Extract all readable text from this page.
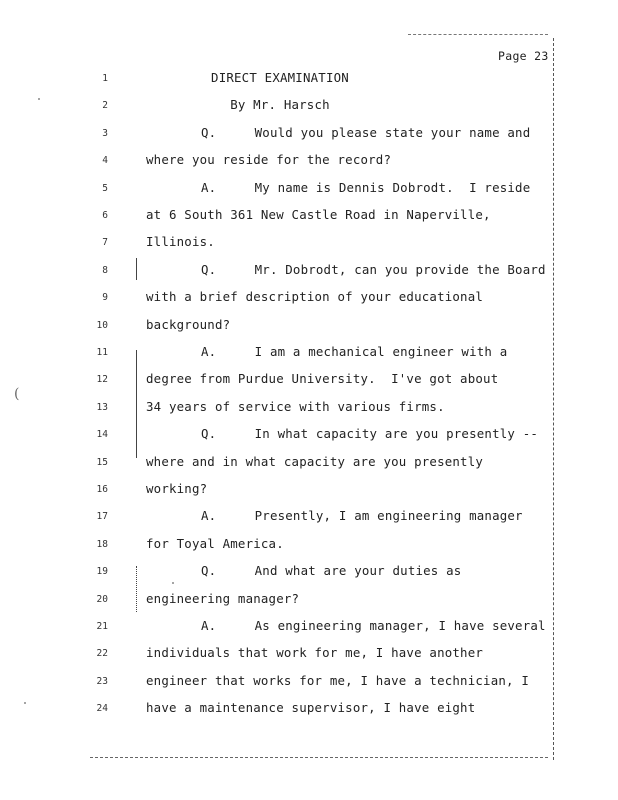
(
Page 23
1	DIRECT EXAMINATION
2	By Mr. Harsch
3	Q.     Would you please state your name and
4	where you reside for the record?
5	A.     My name is Dennis Dobrodt.  I reside
6	at 6 South 361 New Castle Road in Naperville,
7	Illinois.
8	Q.     Mr. Dobrodt, can you provide the Board
9	with a brief description of your educational
10	background?
11	A.     I am a mechanical engineer with a
12	degree from Purdue University.  I've got about
13	34 years of service with various firms.
14	Q.     In what capacity are you presently --
15	where and in what capacity are you presently
16	working?
17	A.     Presently, I am engineering manager
18	for Toyal America.
19	Q.     And what are your duties as
20	engineering manager?
21	A.     As engineering manager, I have several
22	individuals that work for me, I have another
23	engineer that works for me, I have a technician, I
24	have a maintenance supervisor, I have eight
